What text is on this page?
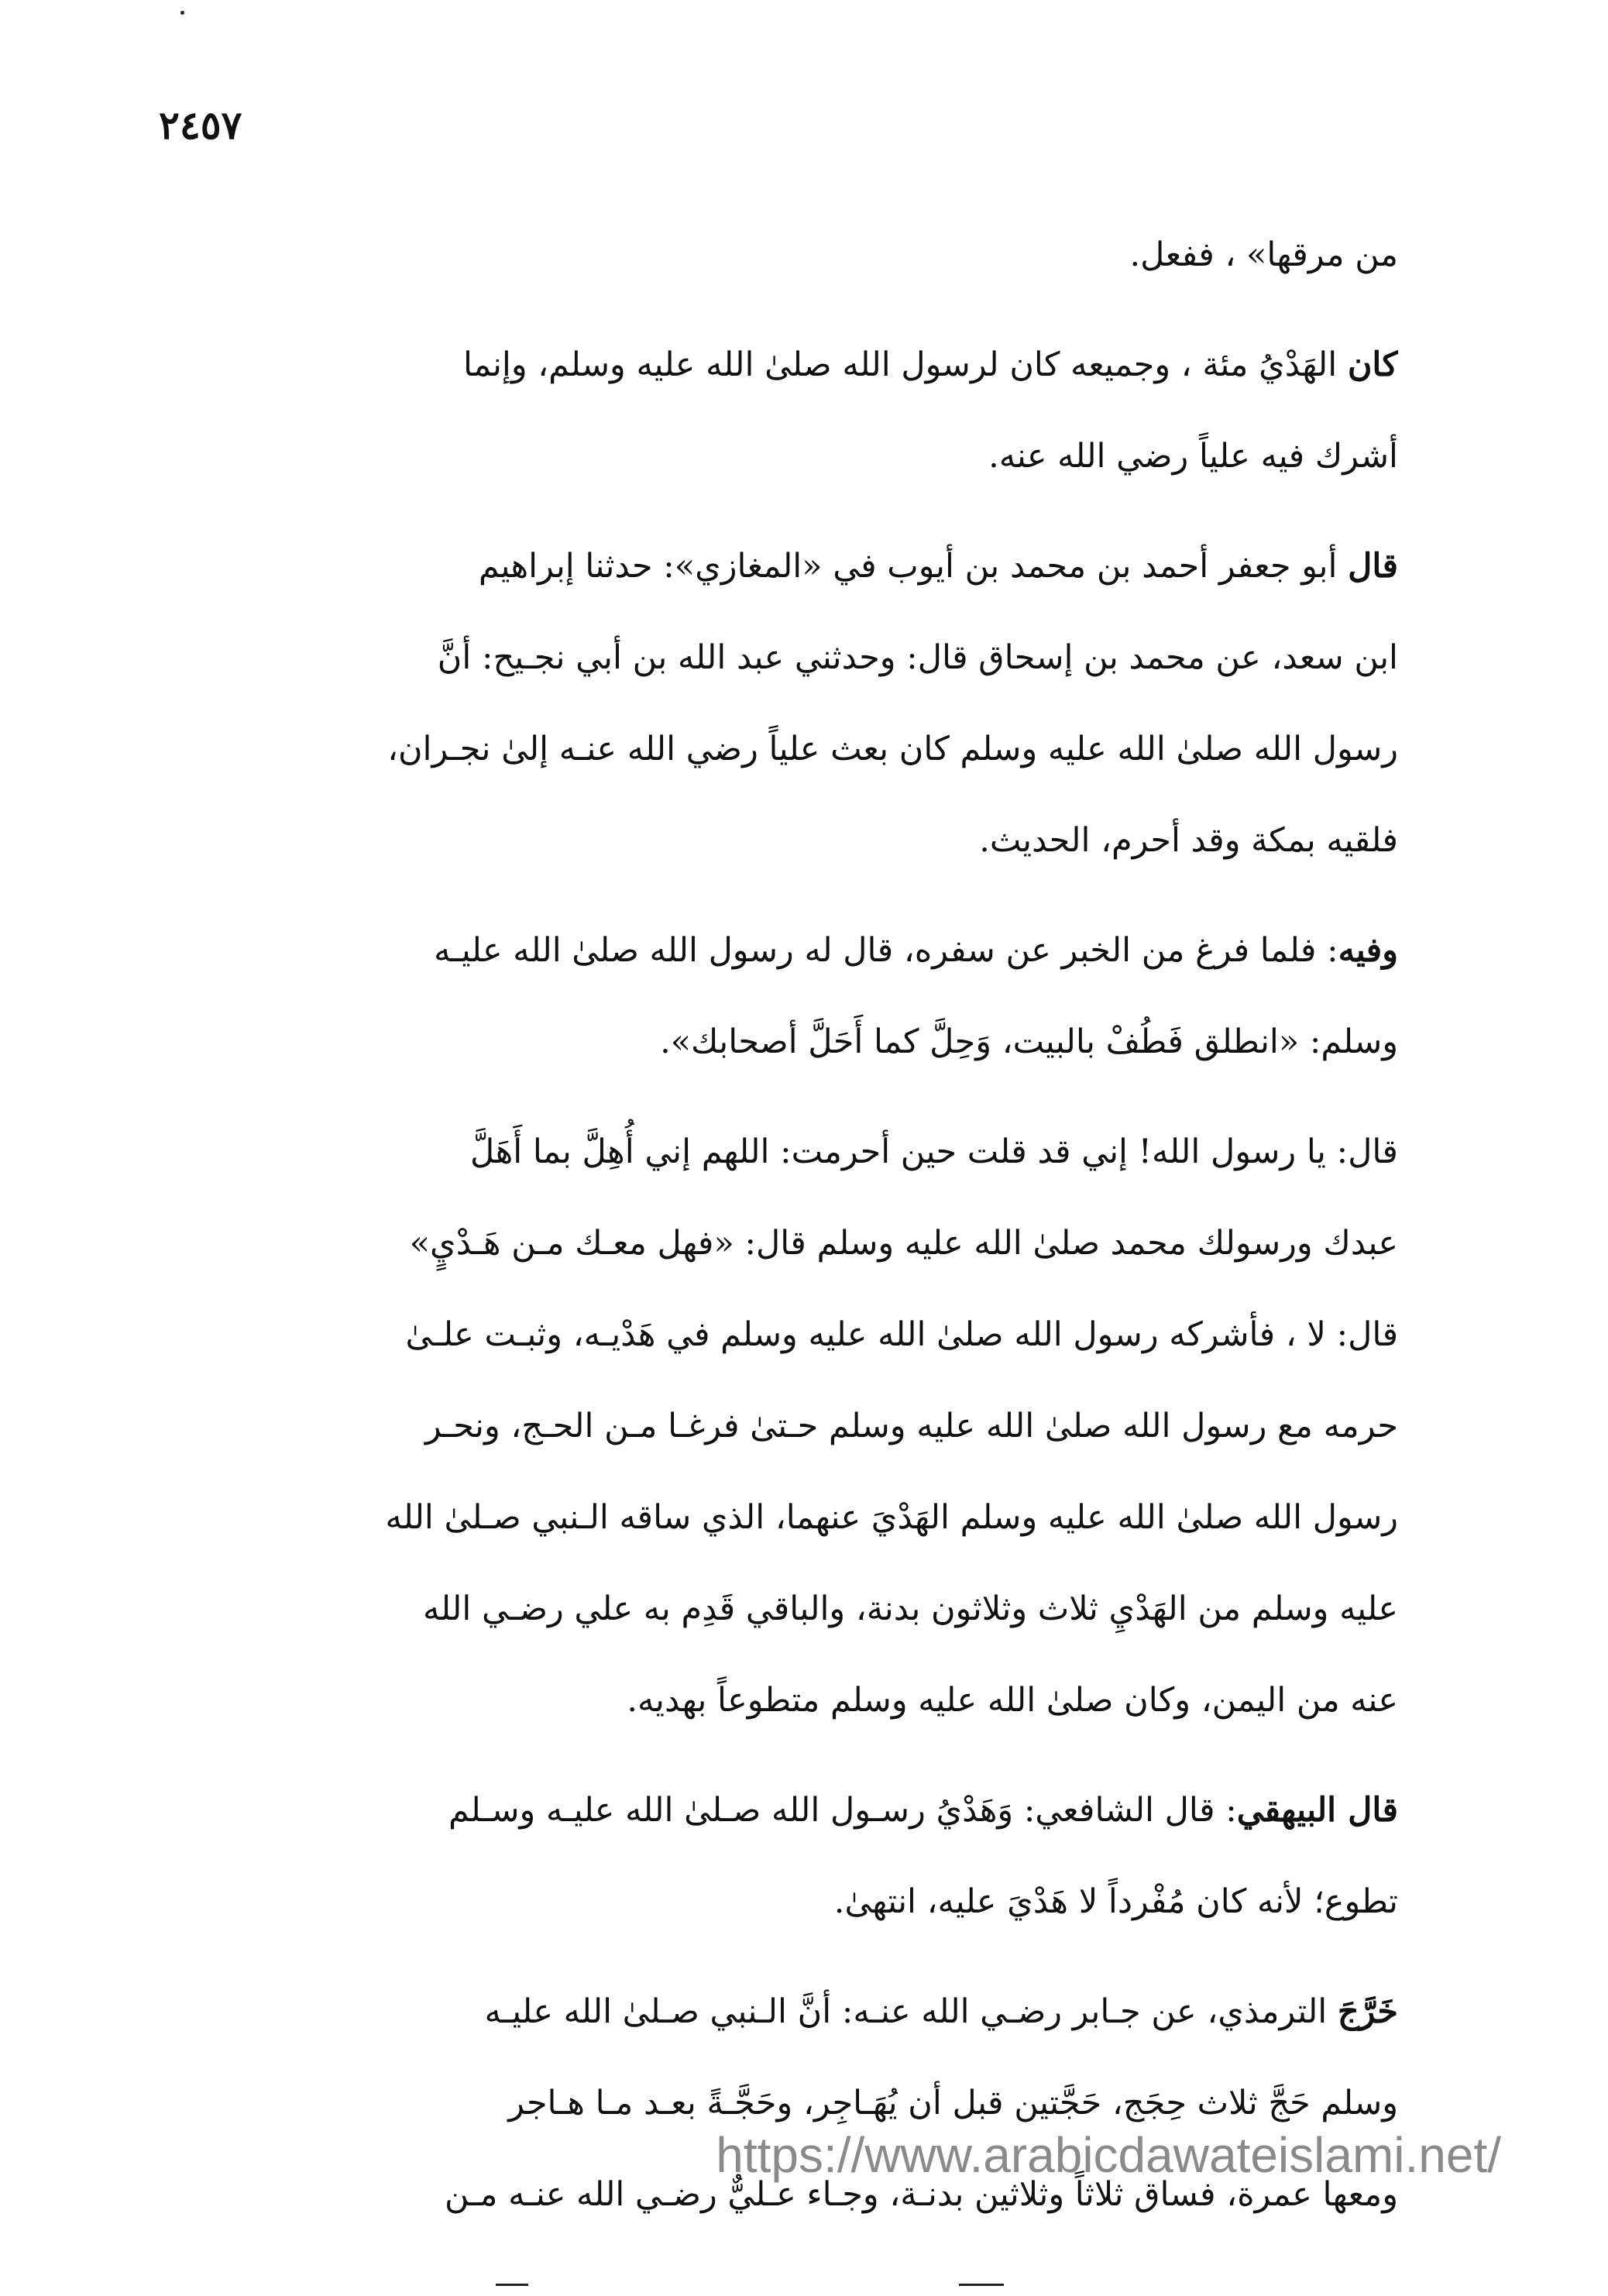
٢٤٥٧

من مرقها» ، ففعل.

كان الهَدْيُ مئة ، وجميعه كان لرسول الله صلىٰ الله عليه وسلم، وإنما
أشرك فيه علياً رضي الله عنه.

قال أبو جعفر أحمد بن محمد بن أيوب في «المغازي»: حدثنا إبراهيم
ابن سعد، عن محمد بن إسحاق قال: وحدثني عبد الله بن أبي نجـيح: أنَّ
رسول الله صلىٰ الله عليه وسلم كان بعث علياً رضي الله عنـه إلىٰ نجـران،
فلقيه بمكة وقد أحرم، الحديث.

وفيه: فلما فرغ من الخبر عن سفره، قال له رسول الله صلىٰ الله عليـه
وسلم: «انطلق فَطُفْ بالبيت، وَحِلَّ كما أَحَلَّ أصحابك».

قال: يا رسول الله! إني قد قلت حين أحرمت: اللهم إني أُهِلَّ بما أَهَلَّ
عبدك ورسولك محمد صلىٰ الله عليه وسلم قال: «فهل معـك مـن هَـدْيٍ»
قال: لا ، فأشركه رسول الله صلىٰ الله عليه وسلم في هَدْيـه، وثبـت علـىٰ
حرمه مع رسول الله صلىٰ الله عليه وسلم حـتىٰ فرغـا مـن الحـج، ونحـر
رسول الله صلىٰ الله عليه وسلم الهَدْيَ عنهما، الذي ساقه الـنبي صـلىٰ الله
عليه وسلم من الهَدْيِ ثلاث وثلاثون بدنة، والباقي قَدِم به علي رضـي الله
عنه من اليمن، وكان صلىٰ الله عليه وسلم متطوعاً بهديه.

قال البيهقي: قال الشافعي: وَهَدْيُ رسـول الله صـلىٰ الله عليـه وسـلم
تطوع؛ لأنه كان مُفْرداً لا هَدْيَ عليه، انتهىٰ.

خَرَّجَ الترمذي، عن جـابر رضـي الله عنـه: أنَّ الـنبي صـلىٰ الله عليـه
وسلم حَجَّ ثلاث حِجَج، حَجَّتين قبل أن يُهَـاجِر، وحَجَّـةً بعـد مـا هـاجر
ومعها عمرة، فساق ثلاثاً وثلاثين بدنـة، وجـاء عـليٌّ رضـي الله عنـه مـن

https://www.arabicdawateislami.net/
